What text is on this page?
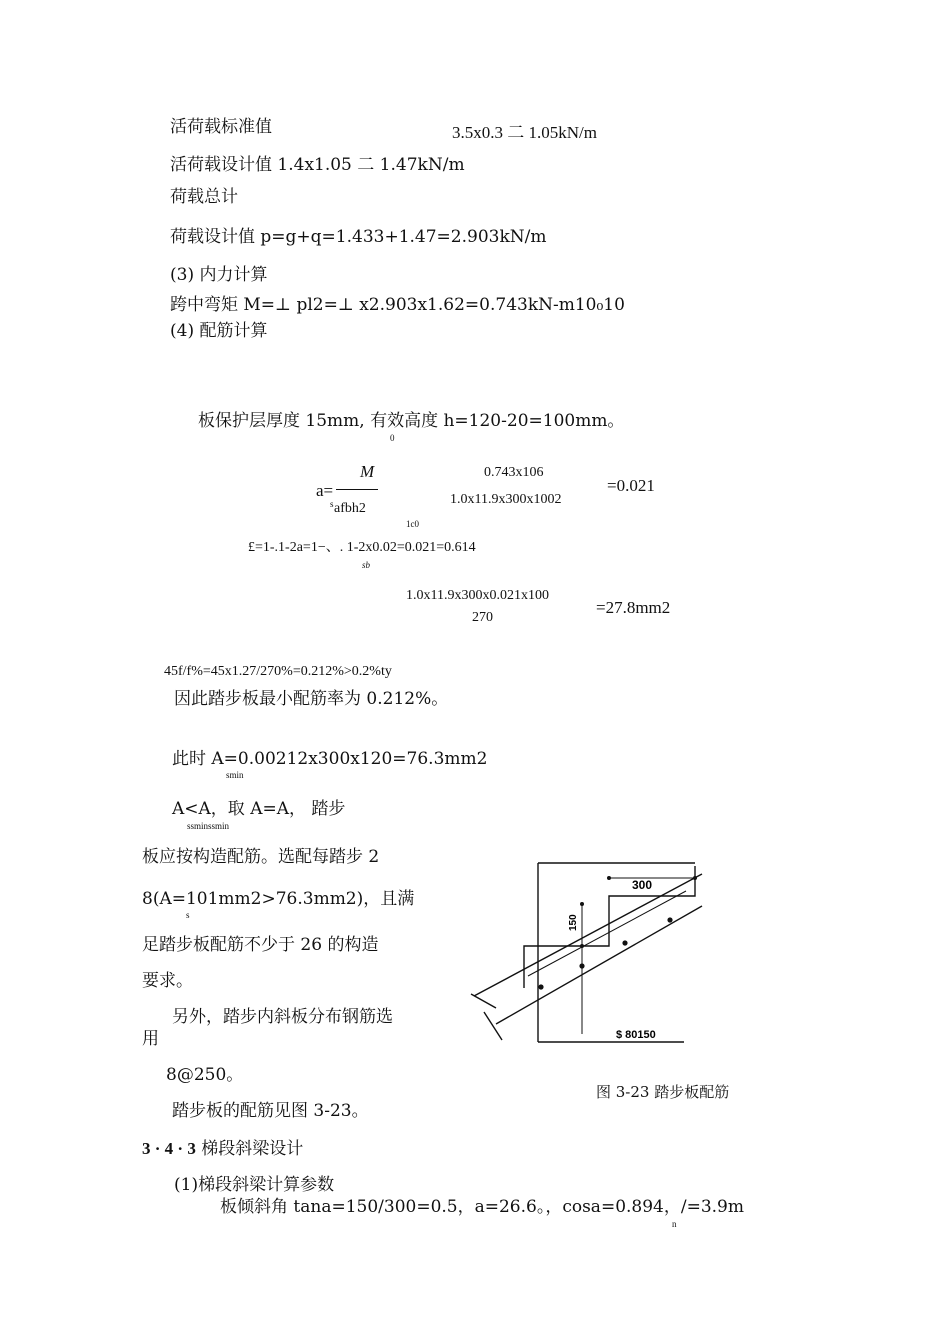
活荷载标准值	3.5x0.3 二 1.05kN/m
活荷载设计值 1.4x1.05 二 1.47kN/m
荷载总计
荷载设计值 p=g+q=1.433+1.47=2.903kN/m
(3) 内力计算
跨中弯矩 M=⊥ pl2=⊥ x2.903x1.62=0.743kN-m10₀10
(4) 配筋计算
板保护层厚度 15mm, 有效高度 h=120-20=100mm。
0
a=
M
s afbh2
1c0
0.743x106
1.0x11.9x300x1002
=0.021
£=1-.1-2a=1−、. 1-2x0.02=0.021=0.614
sb
1.0x11.9x300x0.021x100
270
=27.8mm2
45f/f%=45x1.27/270%=0.212%>0.2%ty
因此踏步板最小配筋率为 0.212%。
此时 A=0.00212x300x120=76.3mm2
smin
A<A，取 A=A， 踏步
ssminssmin
板应按构造配筋。选配每踏步 2
8(A=101mm2>76.3mm2)，且满
s
足踏步板配筋不少于 26 的构造
要求。
另外，踏步内斜板分布钢筋选
用
8@250。
踏步板的配筋见图 3-23。
3 · 4 · 3 梯段斜梁设计
(1)梯段斜梁计算参数
板倾斜角 tana=150/300=0.5，a=26.6。，cosa=0.894，/=3.9m
n
300
150
$ 80150
图 3-23 踏步板配筋
